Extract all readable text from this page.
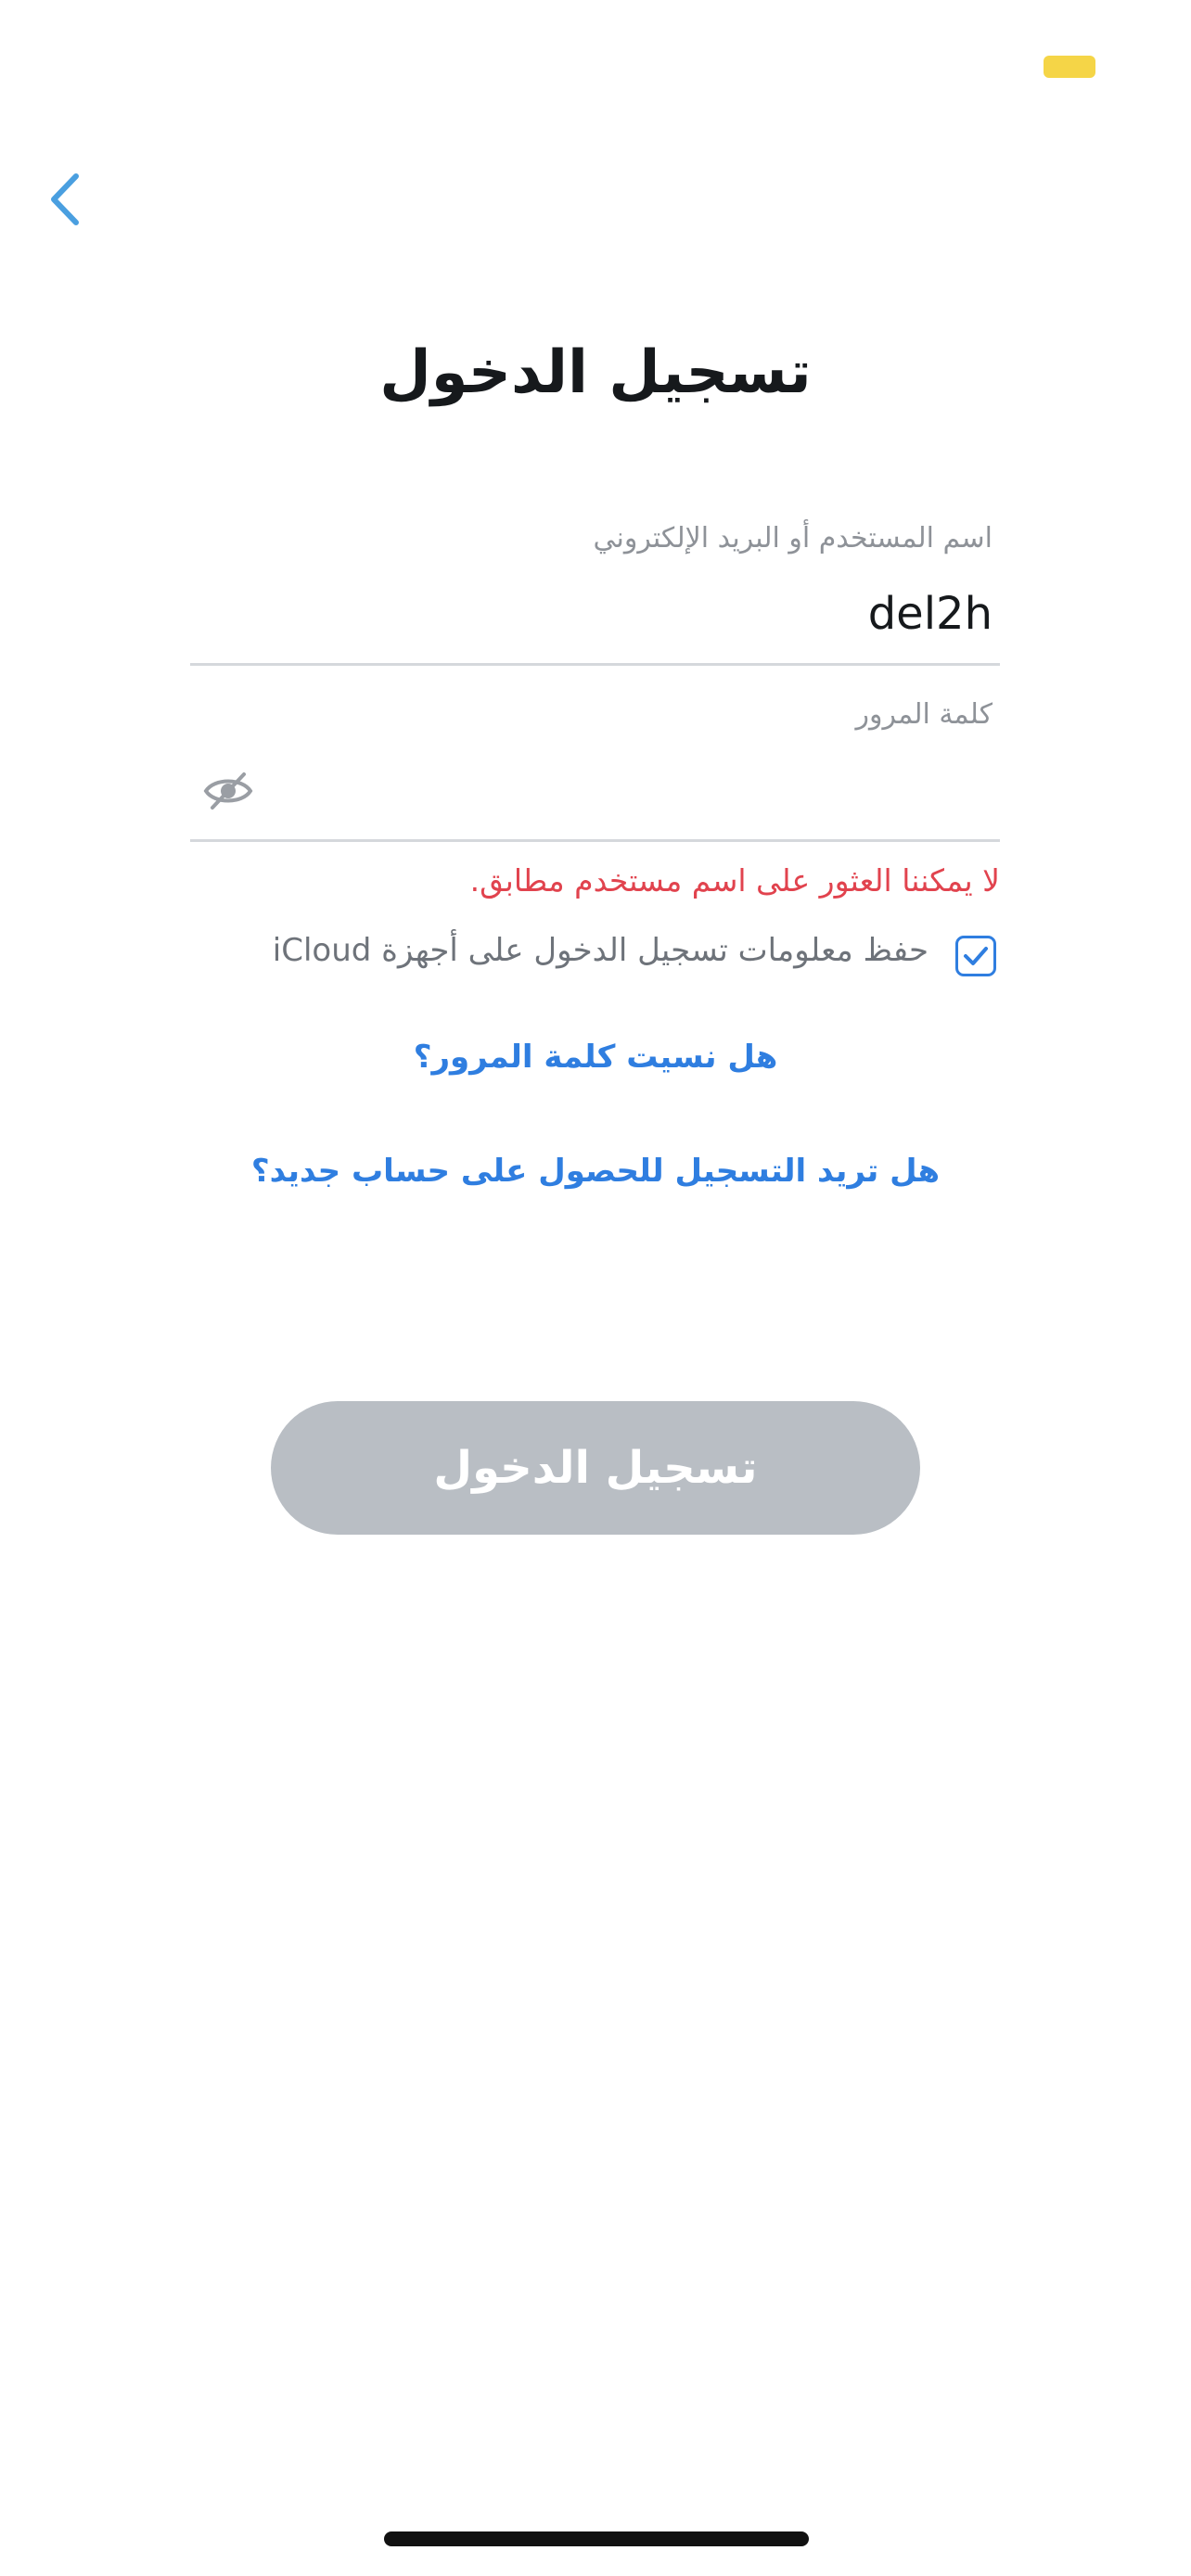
تسجيل الدخول
اسم المستخدم أو البريد الإلكتروني
del2h
كلمة المرور
لا يمكننا العثور على اسم مستخدم مطابق.
حفظ معلومات تسجيل الدخول على أجهزة iCloud
هل نسيت كلمة المرور؟
هل تريد التسجيل للحصول على حساب جديد؟
تسجيل الدخول
